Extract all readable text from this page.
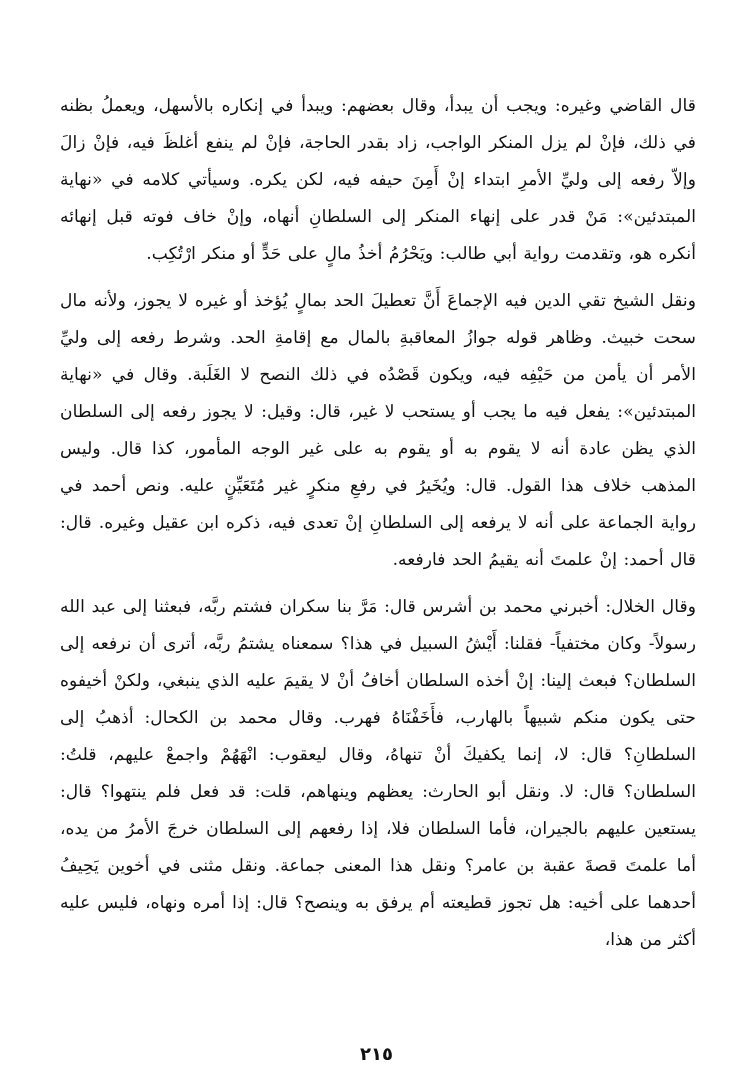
قال القاضي وغيره: ويجب أن يبدأ، وقال بعضهم: ويبدأ في إنكاره بالأسهل، ويعملُ بظنه في ذلك، فإنْ لم يزل المنكر الواجب، زاد بقدر الحاجة، فإنْ لم ينفع أغلظَ فيه، فإنْ زالَ وإلاّ رفعه إلى وليِّ الأمرِ ابتداء إنْ أَمِنَ حيفه فيه، لكن يكره. وسيأتي كلامه في «نهاية المبتدئين»: مَنْ قدر على إنهاء المنكر إلى السلطانِ أنهاه، وإنْ خاف فوته قبل إنهائه أنكره هو، وتقدمت رواية أبي طالب: ويَحْرُمُ أخذُ مالٍ على حَدٍّ أو منكر ارْتُكِب.

ونقل الشيخ تقي الدين فيه الإجماعَ أَنَّ تعطيلَ الحد بمالٍ يُؤخذ أو غيره لا يجوز، ولأنه مال سحت خبيث. وظاهر قوله جوازُ المعاقبةِ بالمال مع إقامةِ الحد. وشرط رفعه إلى وليِّ الأمر أن يأمن من حَيْفِه فيه، ويكون قَصْدُه في ذلك النصح لا الغَلَبة. وقال في «نهاية المبتدئين»: يفعل فيه ما يجب أو يستحب لا غير، قال: وقيل: لا يجوز رفعه إلى السلطان الذي يظن عادة أنه لا يقوم به أو يقوم به على غير الوجه المأمور، كذا قال. وليس المذهب خلاف هذا القول. قال: ويُخَيرُ في رفعِ منكرٍ غير مُتَعَيِّنٍ عليه. ونص أحمد في رواية الجماعة على أنه لا يرفعه إلى السلطانِ إنْ تعدى فيه، ذكره ابن عقيل وغيره. قال: قال أحمد: إنْ علمتَ أنه يقيمُ الحد فارفعه.

وقال الخلال: أخبرني محمد بن أشرس قال: مَرَّ بنا سكران فشتم ربَّه، فبعثنا إلى عبد الله رسولاً- وكان مختفياً- فقلنا: أَيْشُ السبيل في هذا؟ سمعناه يشتمُ ربَّه، أترى أن نرفعه إلى السلطان؟ فبعث إلينا: إنْ أخذه السلطان أخافُ أنْ لا يقيمَ عليه الذي ينبغي، ولكنْ أخيفوه حتى يكون منكم شبيهاً بالهارب، فأَخَفْنَاهُ فهرب. وقال محمد بن الكحال: أذهبُ إلى السلطانِ؟ قال: لا، إنما يكفيكَ أنْ تنهاهُ، وقال ليعقوب: انْهَهُمْ واجمعْ عليهم، قلتُ: السلطان؟ قال: لا. ونقل أبو الحارث: يعظهم وينهاهم، قلت: قد فعل فلم ينتهوا؟ قال: يستعين عليهم بالجيران، فأما السلطان فلا، إذا رفعهم إلى السلطان خرجَ الأمرُ من يده، أما علمتَ قصةَ عقبة بن عامر؟ ونقل هذا المعنى جماعة. ونقل مثنى في أخوين يَحِيفُ أحدهما على أخيه: هل تجوز قطيعته أم يرفق به وينصح؟ قال: إذا أمره ونهاه، فليس عليه أكثر من هذا،

٢١٥
